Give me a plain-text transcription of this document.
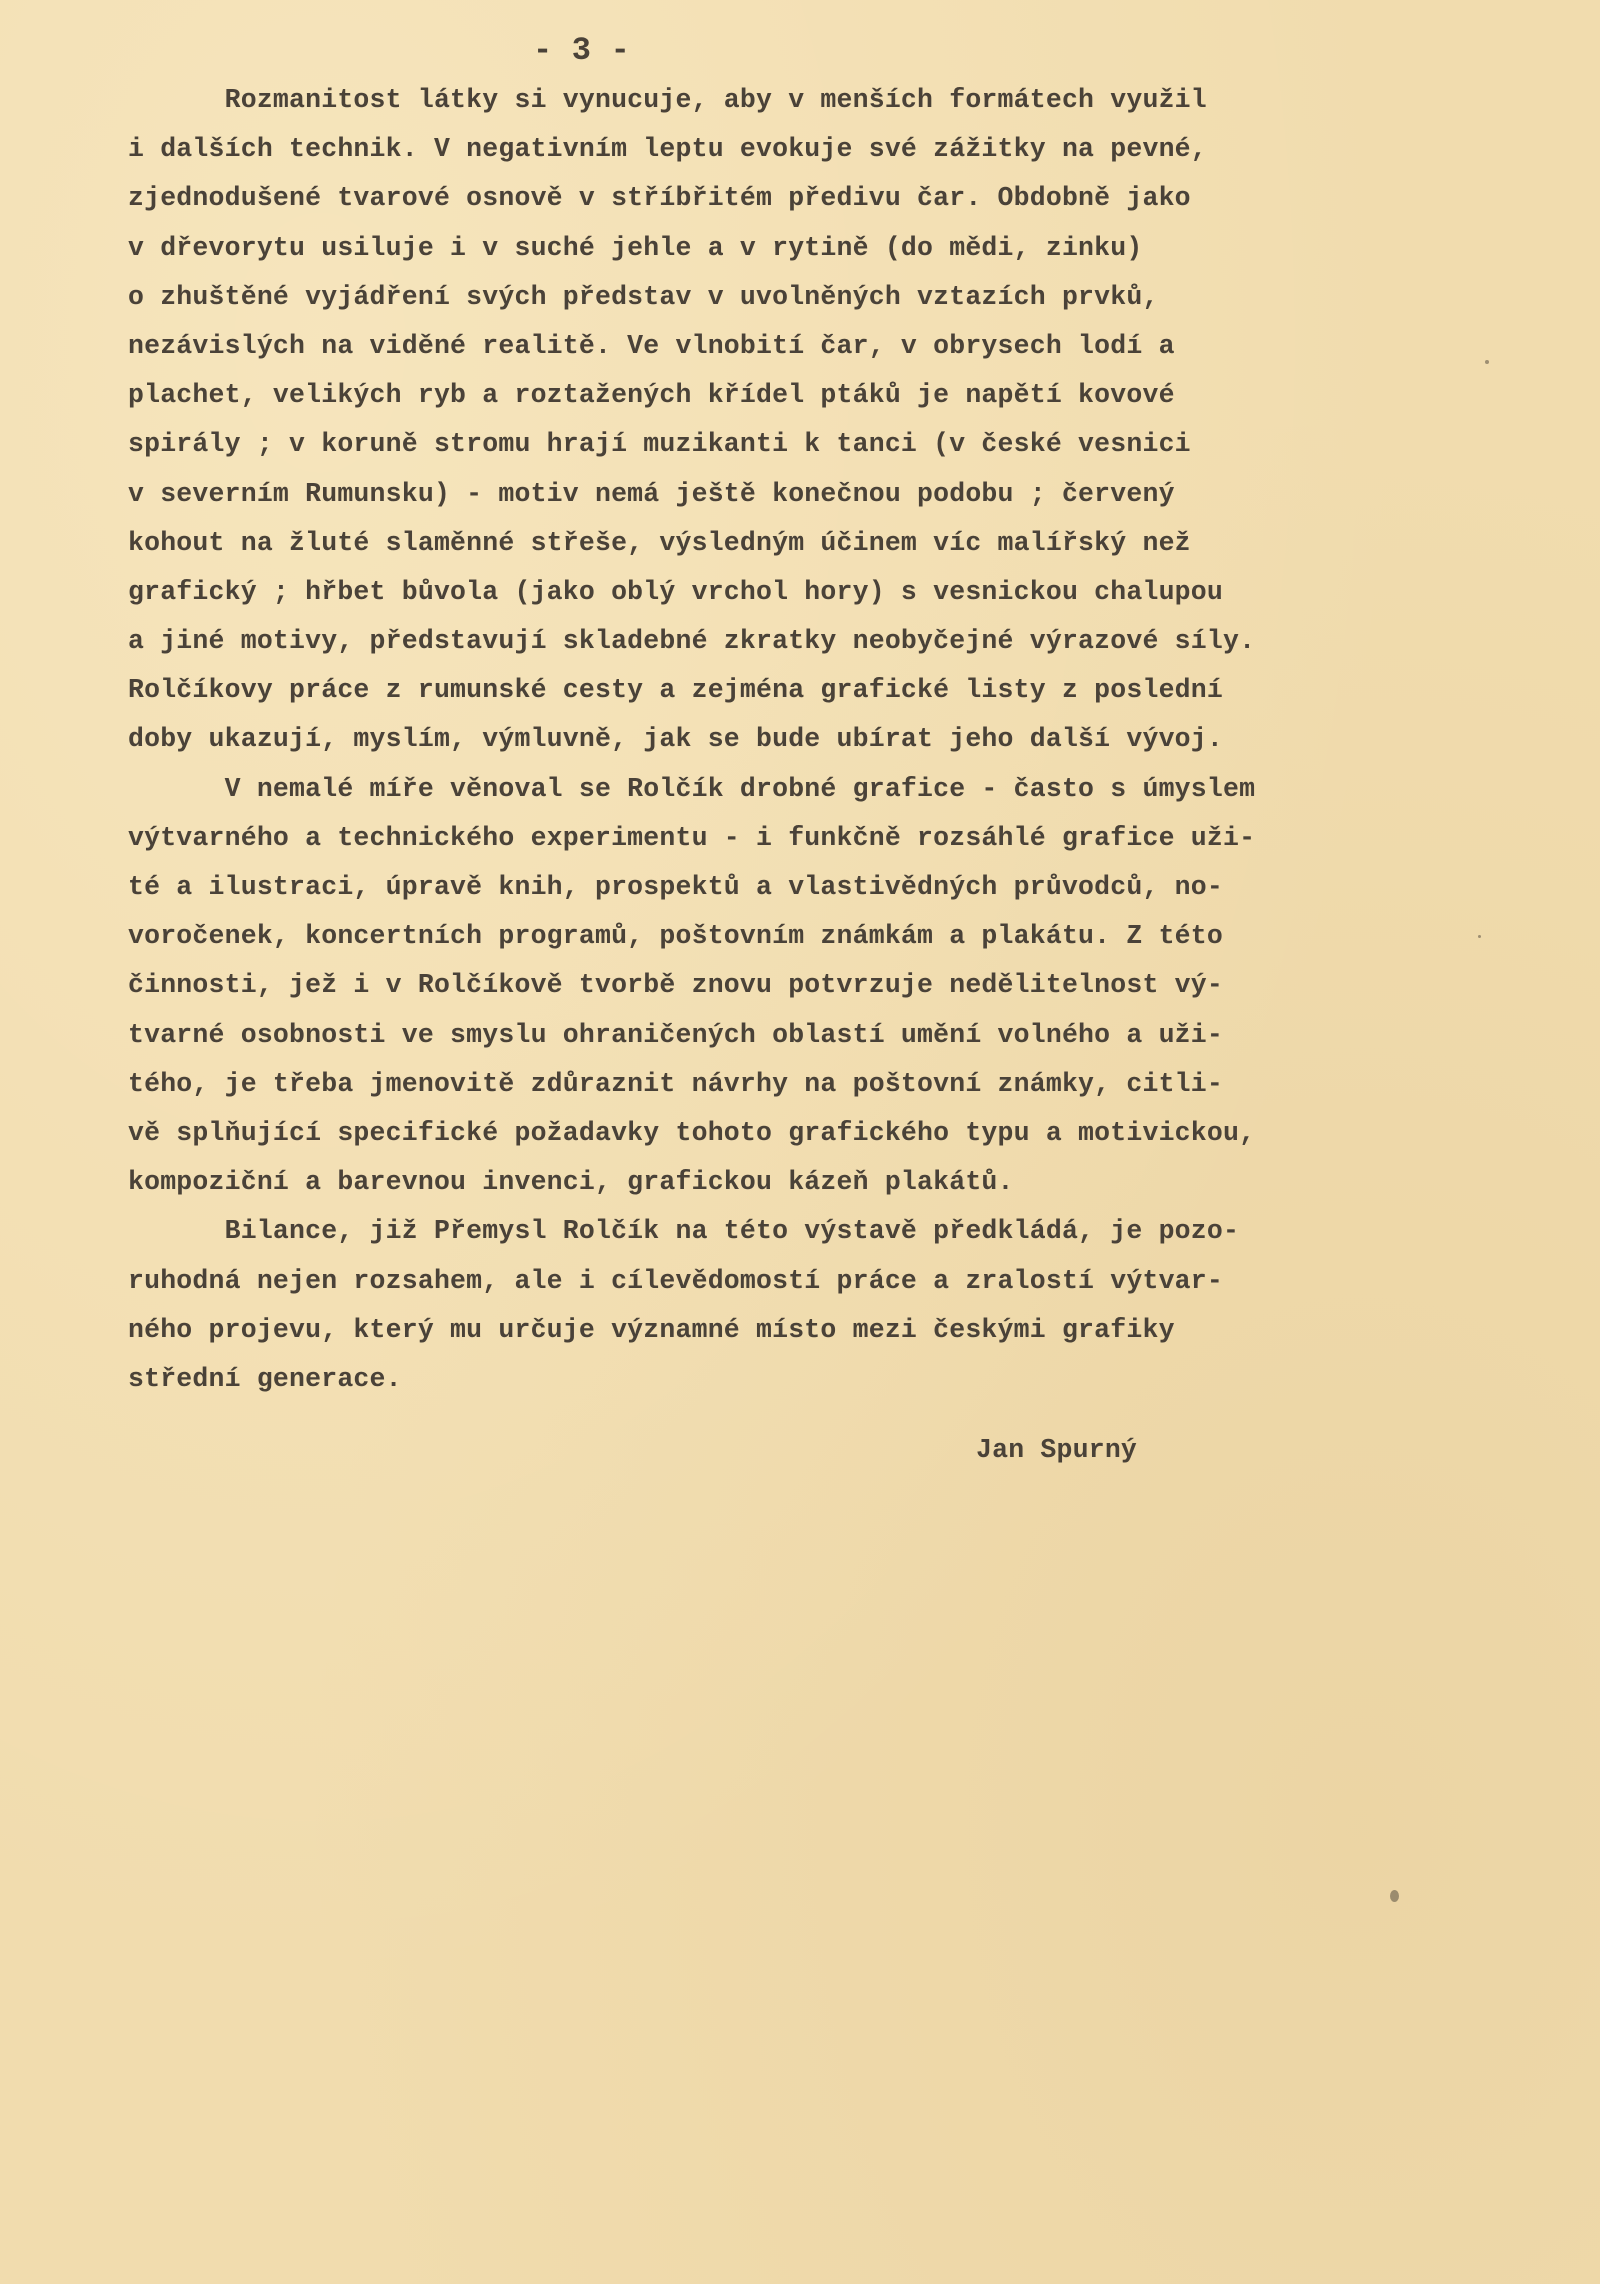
- 3 -
Rozmanitost látky si vynucuje, aby v menších formátech využil
i dalších technik. V negativním leptu evokuje své zážitky na pevné,
zjednodušené tvarové osnově v stříbřitém předivu čar. Obdobně jako
v dřevorytu usiluje i v suché jehle a v rytině (do mědi, zinku)
o zhuštěné vyjádření svých představ v uvolněných vztazích prvků,
nezávislých na viděné realitě. Ve vlnobití čar, v obrysech lodí a
plachet, velikých ryb a roztažených křídel ptáků je napětí kovové
spirály ; v koruně stromu hrají muzikanti k tanci (v české vesnici
v severním Rumunsku) - motiv nemá ještě konečnou podobu ; červený
kohout na žluté slaměnné střeše, výsledným účinem víc malířský než
grafický ; hřbet bůvola (jako oblý vrchol hory) s vesnickou chalupou
a jiné motivy, představují skladebné zkratky neobyčejné výrazové síly.
Rolčíkovy práce z rumunské cesty a zejména grafické listy z poslední
doby ukazují, myslím, výmluvně, jak se bude ubírat jeho další vývoj.
V nemalé míře věnoval se Rolčík drobné grafice - často s úmyslem
výtvarného a technického experimentu - i funkčně rozsáhlé grafice uži-
té a ilustraci, úpravě knih, prospektů a vlastivědných průvodců, no-
voročenek, koncertních programů, poštovním známkám a plakátu. Z této
činnosti, jež i v Rolčíkově tvorbě znovu potvrzuje nedělitelnost vý-
tvarné osobnosti ve smyslu ohraničených oblastí umění volného a uži-
tého, je třeba jmenovitě zdůraznit návrhy na poštovní známky, citli-
vě splňující specifické požadavky tohoto grafického typu a motivickou,
kompoziční a barevnou invenci, grafickou kázeň plakátů.
Bilance, již Přemysl Rolčík na této výstavě předkládá, je pozo-
ruhodná nejen rozsahem, ale i cílevědomostí práce a zralostí výtvar-
ného projevu, který mu určuje významné místo mezi českými grafiky
střední generace.
Jan Spurný
